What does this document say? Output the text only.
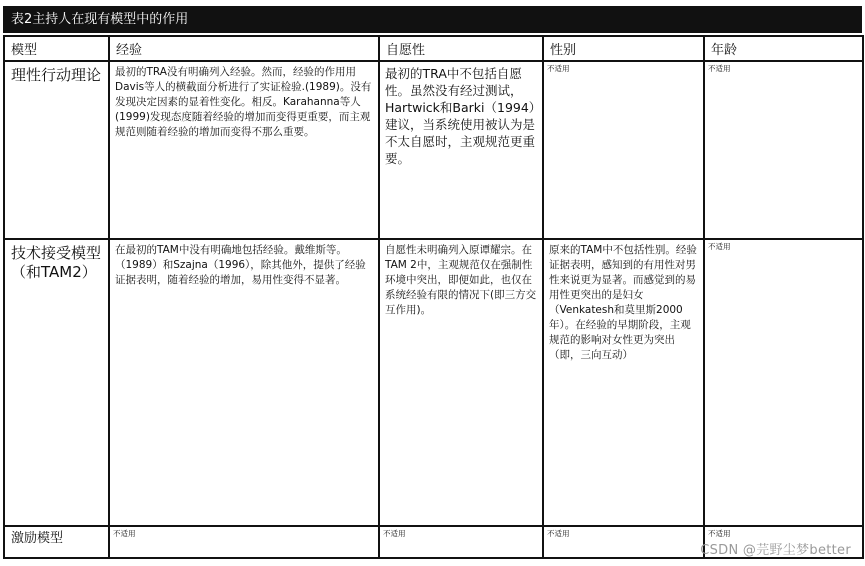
表2主持人在现有模型中的作用
模型	经验	自愿性	性别	年龄
理性行动理论	最初的TRA没有明确列入经验。然而，经验的作用用Davis等人的横截面分析进行了实证检验.(1989)。没有发现决定因素的显着性变化。相反。Karahanna等人(1999)发现态度随着经验的增加而变得更重要，而主观规范则随着经验的增加而变得不那么重要。	最初的TRA中不包括自愿性。虽然没有经过测试，Hartwick和Barki（1994）建议，当系统使用被认为是不太自愿时，主观规范更重要。	不适用	不适用
技术接受模型（和TAM2）	在最初的TAM中没有明确地包括经验。戴维斯等。（1989）和Szajna（1996），除其他外，提供了经验证据表明，随着经验的增加，易用性变得不显著。	自愿性未明确列入原谭耀宗。在TAM 2中，主观规范仅在强制性环境中突出，即便如此，也仅在系统经验有限的情况下(即三方交互作用)。	原来的TAM中不包括性别。经验证据表明，感知到的有用性对男性来说更为显著。而感觉到的易用性更突出的是妇女（Venkatesh和莫里斯2000年）。在经验的早期阶段，主观规范的影响对女性更为突出（即，三向互动）	不适用
激励模型	不适用	不适用	不适用	不适用
CSDN @芫野尘梦better
